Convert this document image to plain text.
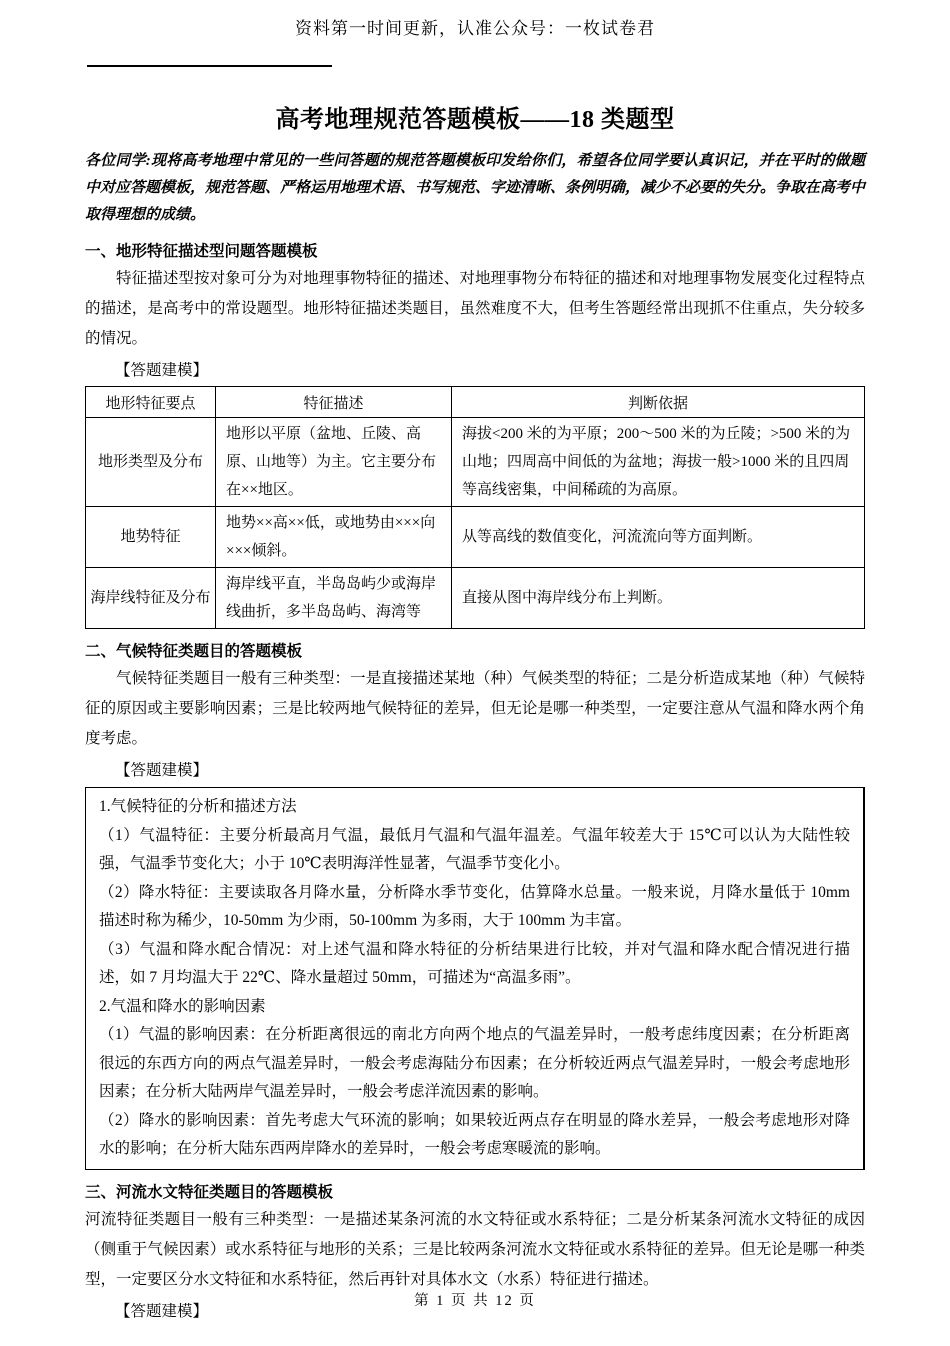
资料第一时间更新，认准公众号：一枚试卷君
高考地理规范答题模板——18 类题型
各位同学:现将高考地理中常见的一些问答题的规范答题模板印发给你们，希望各位同学要认真识记，并在平时的做题中对应答题模板，规范答题、严格运用地理术语、书写规范、字迹清晰、条例明确，减少不必要的失分。争取在高考中取得理想的成绩。
一、地形特征描述型问题答题模板
特征描述型按对象可分为对地理事物特征的描述、对地理事物分布特征的描述和对地理事物发展变化过程特点的描述，是高考中的常设题型。地形特征描述类题目，虽然难度不大，但考生答题经常出现抓不住重点，失分较多的情况。
【答题建模】
地形特征要点	特征描述	判断依据
地形类型及分布	地形以平原（盆地、丘陵、高原、山地等）为主。它主要分布在××地区。	海拔<200 米的为平原；200～500 米的为丘陵；>500 米的为山地；四周高中间低的为盆地；海拔一般>1000 米的且四周等高线密集，中间稀疏的为高原。
地势特征	地势××高××低，或地势由×××向×××倾斜。	从等高线的数值变化，河流流向等方面判断。
海岸线特征及分布	海岸线平直，半岛岛屿少或海岸线曲折，多半岛岛屿、海湾等	直接从图中海岸线分布上判断。
二、气候特征类题目的答题模板
气候特征类题目一般有三种类型：一是直接描述某地（种）气候类型的特征；二是分析造成某地（种）气候特征的原因或主要影响因素；三是比较两地气候特征的差异，但无论是哪一种类型，一定要注意从气温和降水两个角度考虑。
【答题建模】

1.气候特征的分析和描述方法

（1）气温特征：主要分析最高月气温，最低月气温和气温年温差。气温年较差大于 15℃可以认为大陆性较强，气温季节变化大；小于 10℃表明海洋性显著，气温季节变化小。

（2）降水特征：主要读取各月降水量，分析降水季节变化，估算降水总量。一般来说，月降水量低于 10mm 描述时称为稀少，10-50mm 为少雨，50-100mm 为多雨，大于 100mm 为丰富。

（3）气温和降水配合情况：对上述气温和降水特征的分析结果进行比较，并对气温和降水配合情况进行描述，如 7 月均温大于 22℃、降水量超过 50mm，可描述为“高温多雨”。

2.气温和降水的影响因素

（1）气温的影响因素：在分析距离很远的南北方向两个地点的气温差异时，一般考虑纬度因素；在分析距离很远的东西方向的两点气温差异时，一般会考虑海陆分布因素；在分析较近两点气温差异时，一般会考虑地形因素；在分析大陆两岸气温差异时，一般会考虑洋流因素的影响。

（2）降水的影响因素：首先考虑大气环流的影响；如果较近两点存在明显的降水差异，一般会考虑地形对降水的影响；在分析大陆东西两岸降水的差异时，一般会考虑寒暖流的影响。

三、河流水文特征类题目的答题模板
河流特征类题目一般有三种类型：一是描述某条河流的水文特征或水系特征；二是分析某条河流水文特征的成因（侧重于气候因素）或水系特征与地形的关系；三是比较两条河流水文特征或水系特征的差异。但无论是哪一种类型，一定要区分水文特征和水系特征，然后再针对具体水文（水系）特征进行描述。
【答题建模】
第 1 页 共 12 页
